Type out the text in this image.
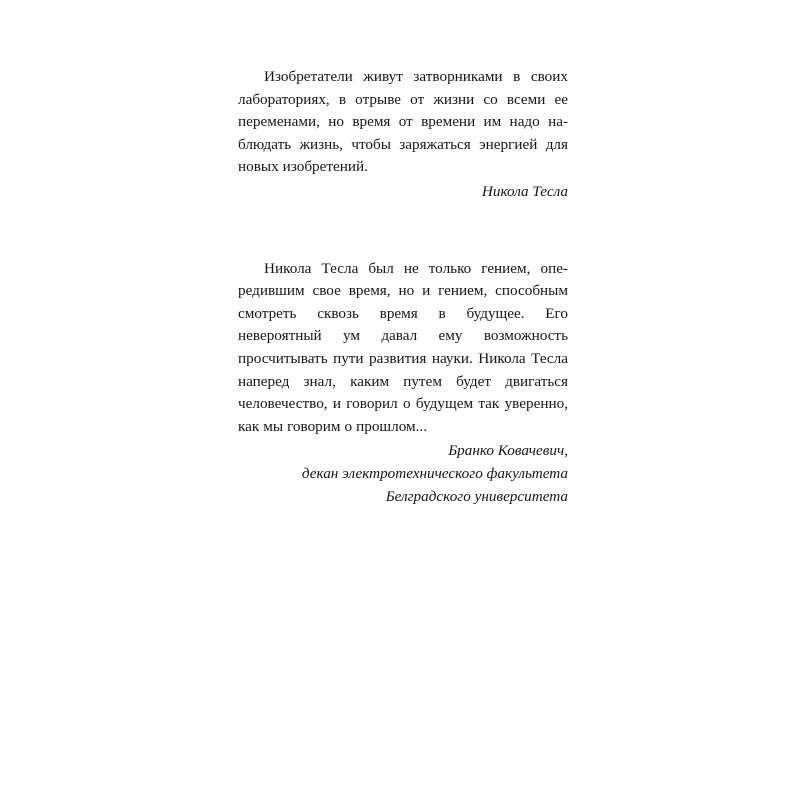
Изобретатели живут затворниками в своих лабораториях, в отрыве от жизни со всеми ее переменами, но время от времени им надо наблюдать жизнь, чтобы заряжаться энергией для новых изобретений.

Никола Тесла

Никола Тесла был не только гением, опередившим свое время, но и гением, способным смотреть сквозь время в будущее. Его невероятный ум давал ему возможность просчитывать пути развития науки. Никола Тесла наперед знал, каким путем будет двигаться человечество, и говорил о будущем так уверенно, как мы говорим о прошлом...

Бранко Ковачевич,
декан электротехнического факультета
Белградского университета
